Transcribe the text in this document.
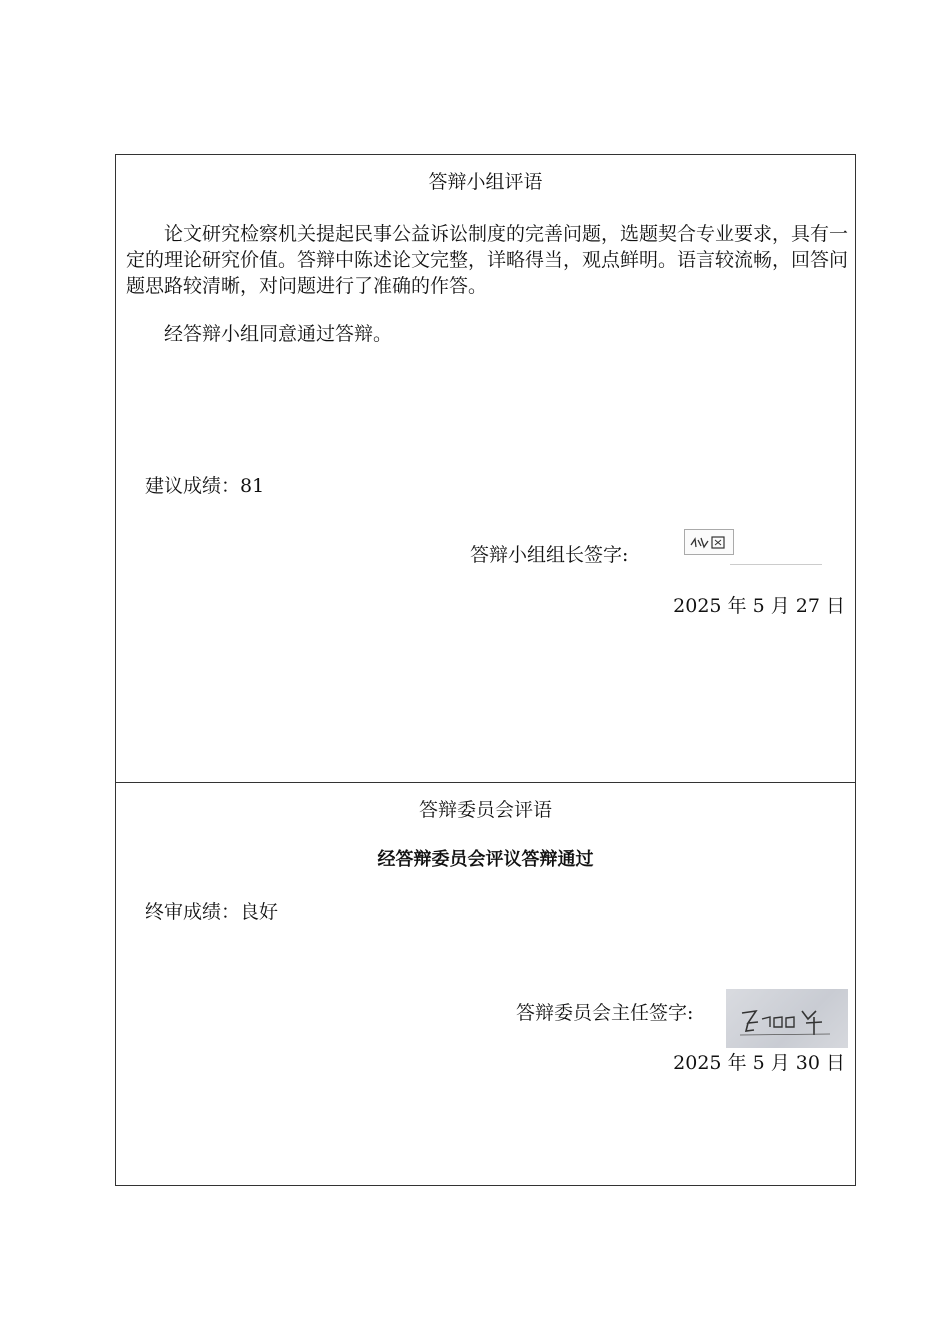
答辩小组评语
论文研究检察机关提起民事公益诉讼制度的完善问题，选题契合专业要求，具有一定的理论研究价值。答辩中陈述论文完整，详略得当，观点鲜明。语言较流畅，回答问题思路较清晰，对问题进行了准确的作答。
经答辩小组同意通过答辩。
建议成绩：81
答辩小组组长签字:
2025 年 5 月 27 日
答辩委员会评语
经答辩委员会评议答辩通过
终审成绩：良好
答辩委员会主任签字:
2025 年 5 月 30 日
